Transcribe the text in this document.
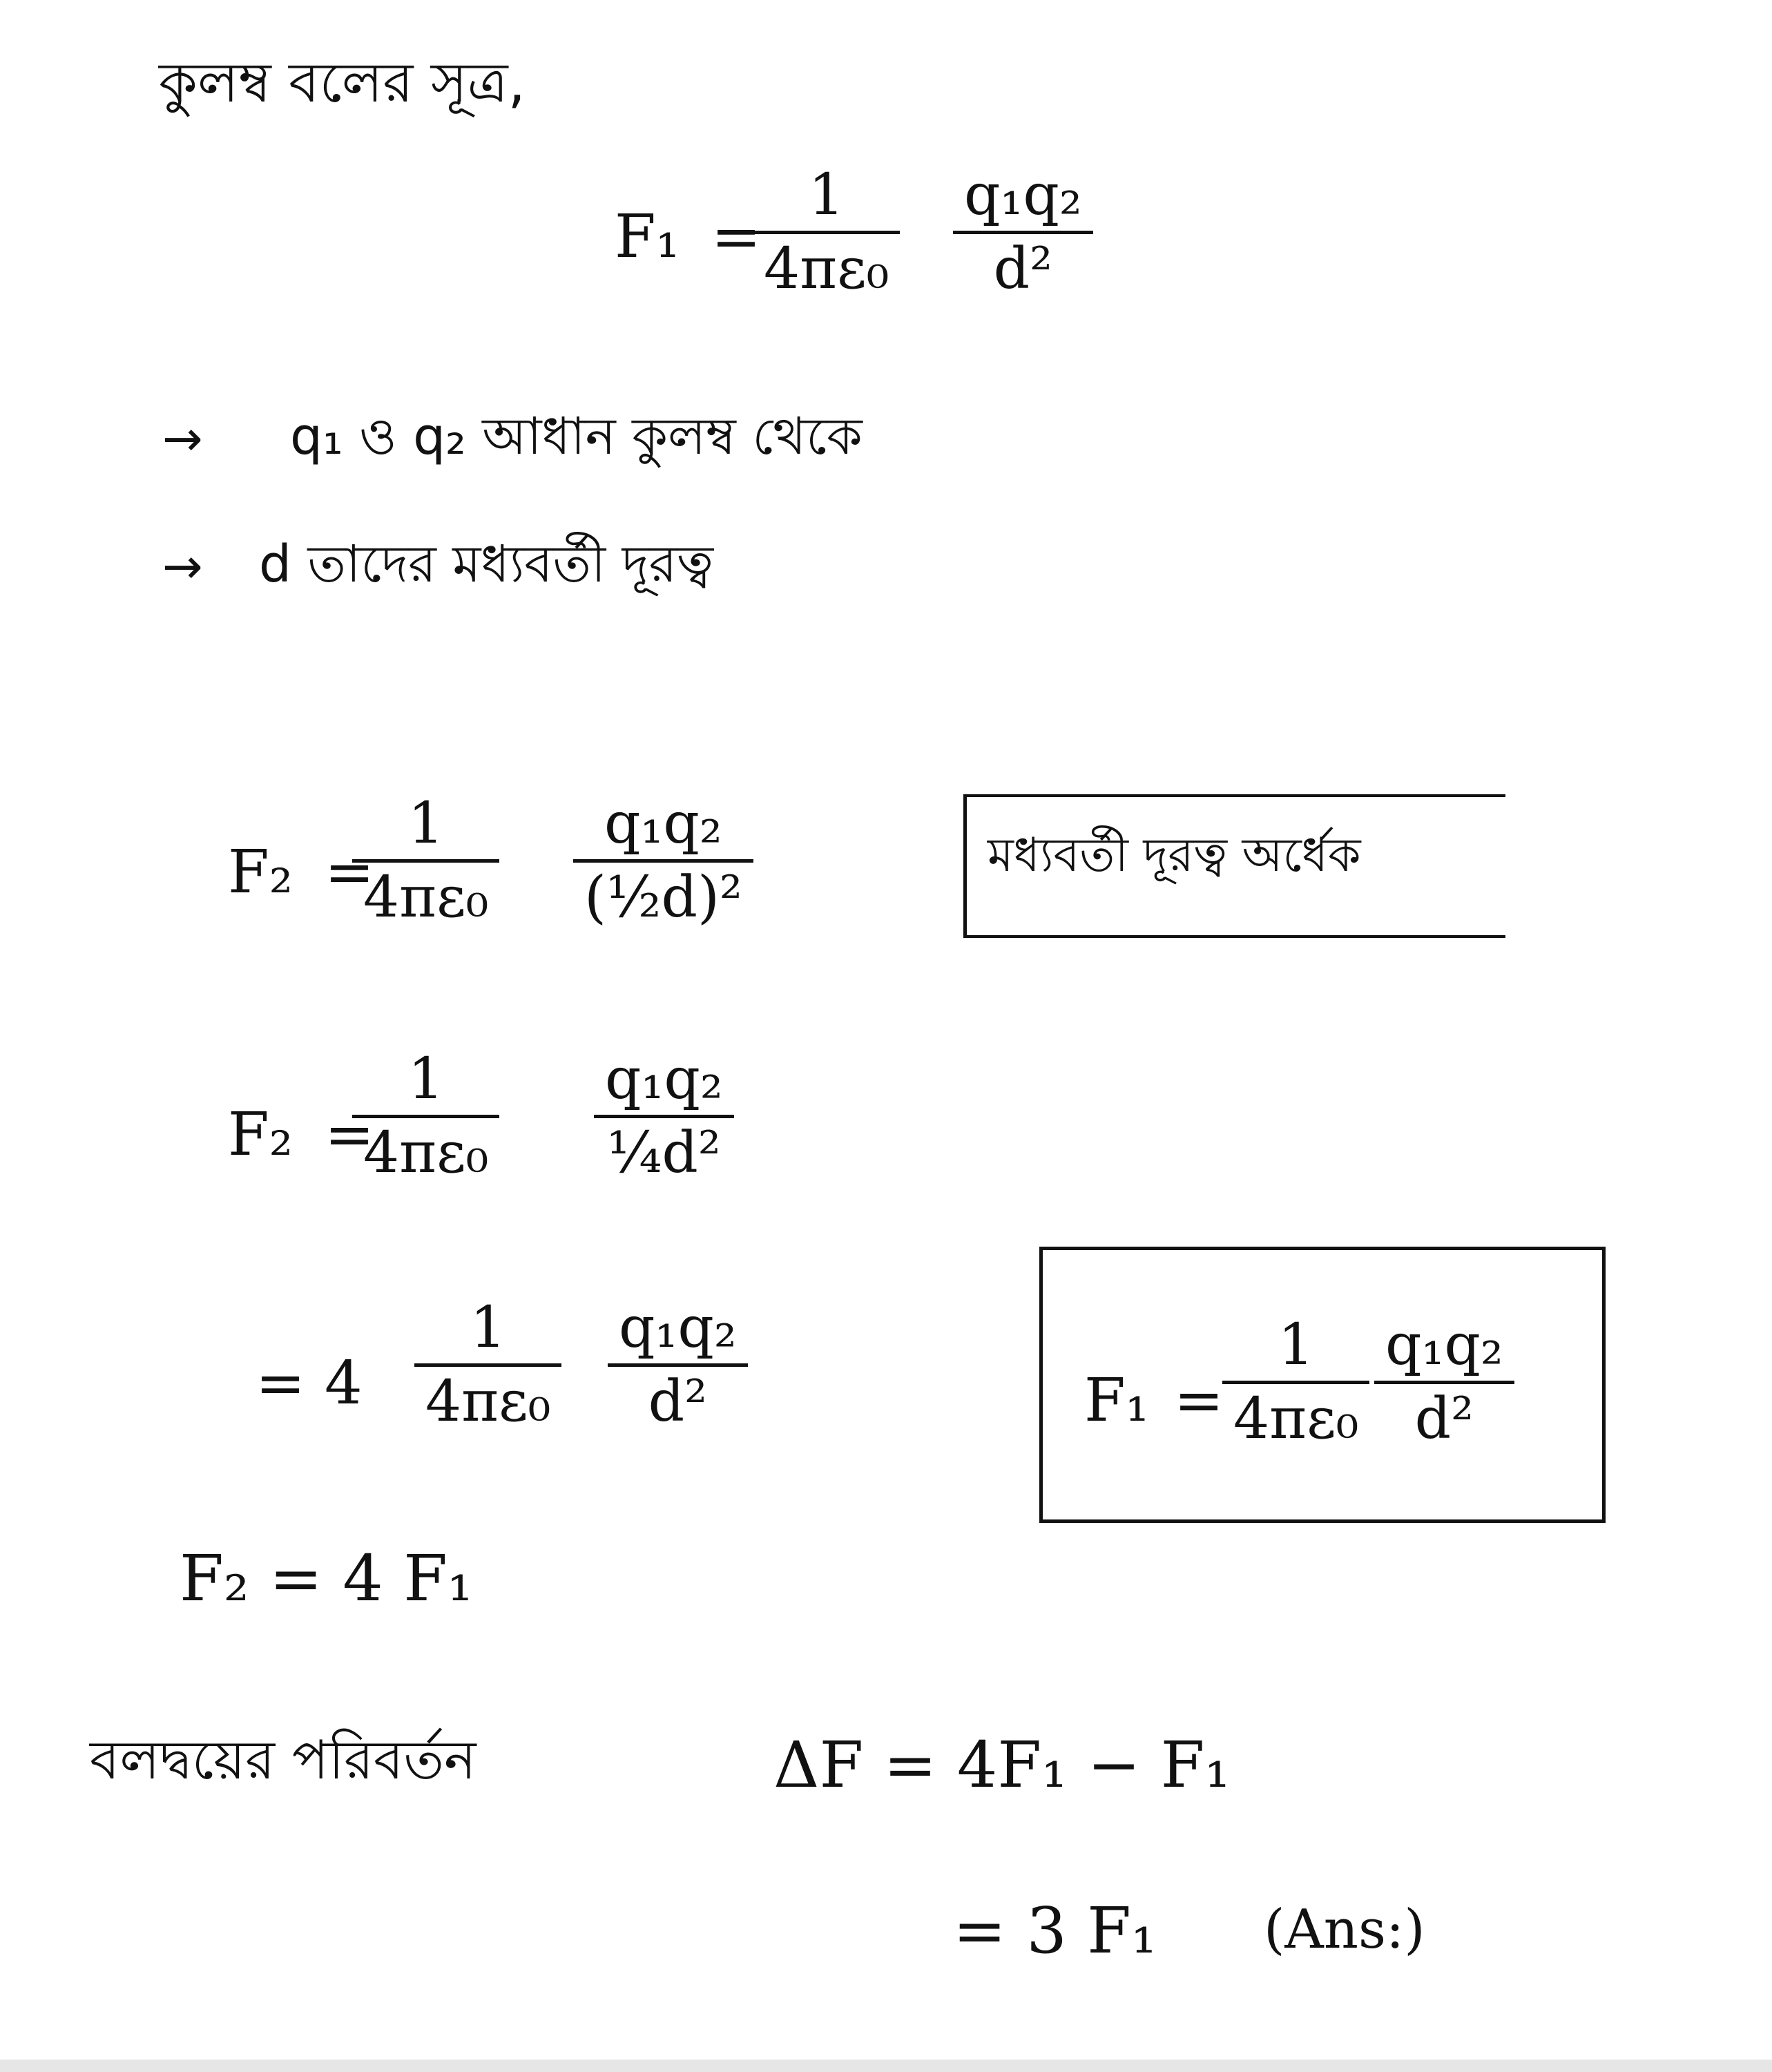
কুলম্ব বলের সূত্র,
F₁ =
1
4πε₀
q₁q₂
d²
→ q₁ ও q₂ আধান কুলম্ব থেকে
→ d তাদের মধ্যবর্তী দূরত্ব
F₂ =
1
4πε₀
q₁q₂
(½d)²
মধ্যবর্তী দূরত্ব অর্ধেক
F₂ =
1
4πε₀
q₁q₂
¼d²
= 4
1
4πε₀
q₁q₂
d²	F₁ =
1
4πε₀
q₁q₂
d²
F₂ = 4 F₁
বলদ্বয়ের পরিবর্তন	ΔF = 4F₁ − F₁
= 3 F₁ (Ans:)
